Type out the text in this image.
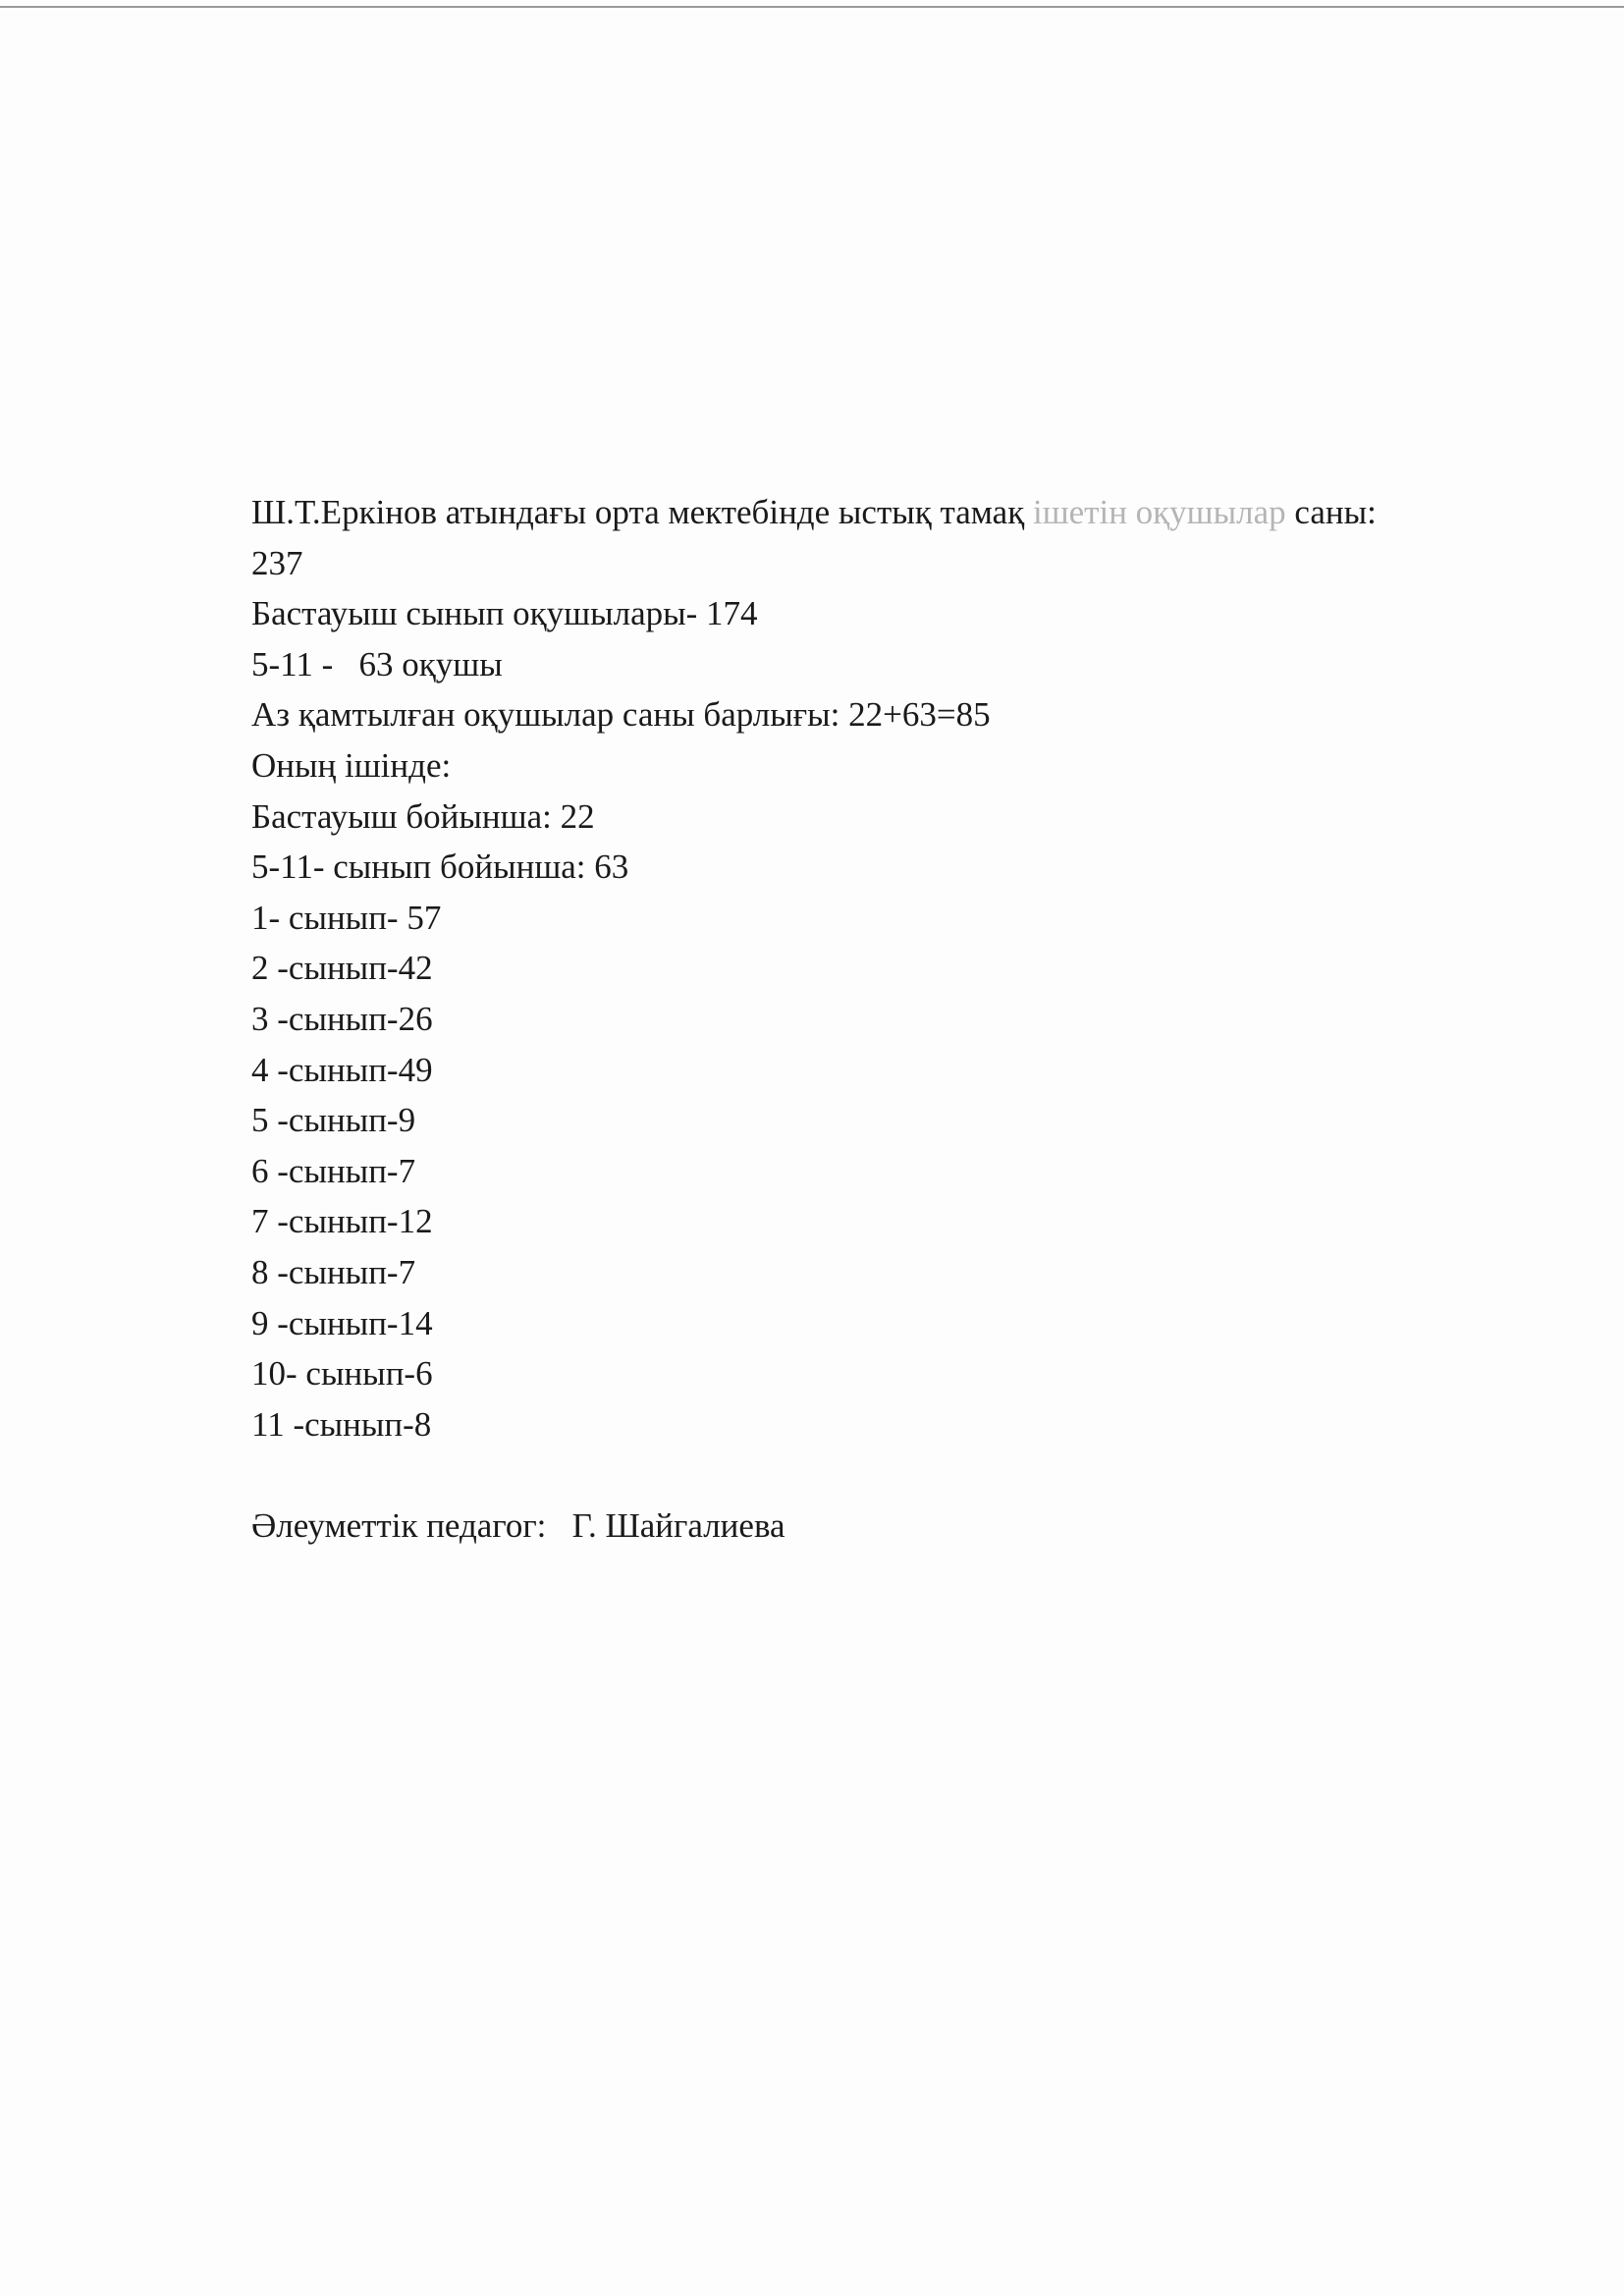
Ш.Т.Еркінов атындағы орта мектебінде ыстық тамақ ішетін оқушылар саны:
237
Бастауыш сынып оқушылары- 174
5-11 -   63 оқушы
Аз қамтылған оқушылар саны барлығы: 22+63=85
Оның ішінде:
Бастауыш бойынша: 22
5-11- сынып бойынша: 63
1- сынып- 57
2 -сынып-42
3 -сынып-26
4 -сынып-49
5 -сынып-9
6 -сынып-7
7 -сынып-12
8 -сынып-7
9 -сынып-14
10- сынып-6
11 -сынып-8
Әлеуметтік педагог:   Г. Шайгалиева
